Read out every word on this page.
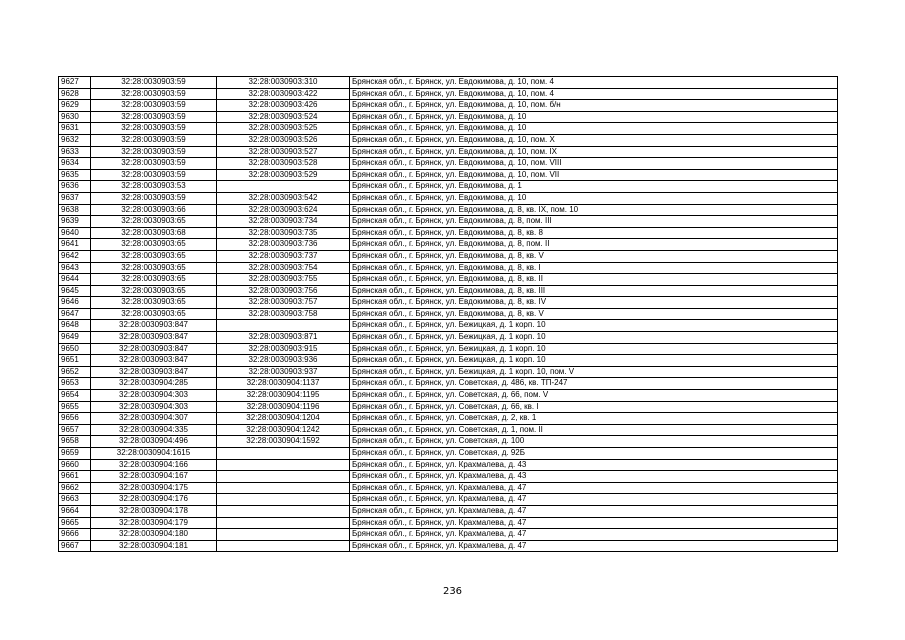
9627	32:28:0030903:59	32:28:0030903:310	Брянская обл., г. Брянск, ул. Евдокимова, д. 10, пом. 4
9628	32:28:0030903:59	32:28:0030903:422	Брянская обл., г. Брянск, ул. Евдокимова, д. 10, пом. 4
9629	32:28:0030903:59	32:28:0030903:426	Брянская обл., г. Брянск, ул. Евдокимова, д. 10, пом. б/н
9630	32:28:0030903:59	32:28:0030903:524	Брянская обл., г. Брянск, ул. Евдокимова, д. 10
9631	32:28:0030903:59	32:28:0030903:525	Брянская обл., г. Брянск, ул. Евдокимова, д. 10
9632	32:28:0030903:59	32:28:0030903:526	Брянская обл., г. Брянск, ул. Евдокимова, д. 10, пом. X
9633	32:28:0030903:59	32:28:0030903:527	Брянская обл., г. Брянск, ул. Евдокимова, д. 10, пом. IX
9634	32:28:0030903:59	32:28:0030903:528	Брянская обл., г. Брянск, ул. Евдокимова, д. 10, пом. VIII
9635	32:28:0030903:59	32:28:0030903:529	Брянская обл., г. Брянск, ул. Евдокимова, д. 10, пом. VII
9636	32:28:0030903:53		Брянская обл., г. Брянск, ул. Евдокимова, д. 1
9637	32:28:0030903:59	32:28:0030903:542	Брянская обл., г. Брянск, ул. Евдокимова, д. 10
9638	32:28:0030903:66	32:28:0030903:624	Брянская обл., г. Брянск, ул. Евдокимова, д. 8, кв. IX, пом. 10
9639	32:28:0030903:65	32:28:0030903:734	Брянская обл., г. Брянск, ул. Евдокимова, д. 8, пом. III
9640	32:28:0030903:68	32:28:0030903:735	Брянская обл., г. Брянск, ул. Евдокимова, д. 8, кв. 8
9641	32:28:0030903:65	32:28:0030903:736	Брянская обл., г. Брянск, ул. Евдокимова, д. 8, пом. II
9642	32:28:0030903:65	32:28:0030903:737	Брянская обл., г. Брянск, ул. Евдокимова, д. 8, кв. V
9643	32:28:0030903:65	32:28:0030903:754	Брянская обл., г. Брянск, ул. Евдокимова, д. 8, кв. I
9644	32:28:0030903:65	32:28:0030903:755	Брянская обл., г. Брянск, ул. Евдокимова, д. 8, кв. II
9645	32:28:0030903:65	32:28:0030903:756	Брянская обл., г. Брянск, ул. Евдокимова, д. 8, кв. III
9646	32:28:0030903:65	32:28:0030903:757	Брянская обл., г. Брянск, ул. Евдокимова, д. 8, кв. IV
9647	32:28:0030903:65	32:28:0030903:758	Брянская обл., г. Брянск, ул. Евдокимова, д. 8, кв. V
9648	32:28:0030903:847		Брянская обл., г. Брянск, ул. Бежицкая, д. 1 корп. 10
9649	32:28:0030903:847	32:28:0030903:871	Брянская обл., г. Брянск, ул. Бежицкая, д. 1 корп. 10
9650	32:28:0030903:847	32:28:0030903:915	Брянская обл., г. Брянск, ул. Бежицкая, д. 1 корп. 10
9651	32:28:0030903:847	32:28:0030903:936	Брянская обл., г. Брянск, ул. Бежицкая, д. 1 корп. 10
9652	32:28:0030903:847	32:28:0030903:937	Брянская обл., г. Брянск, ул. Бежицкая, д. 1 корп. 10, пом. V
9653	32:28:0030904:285	32:28:0030904:1137	Брянская обл., г. Брянск, ул. Советская, д. 486, кв. ТП-247
9654	32:28:0030904:303	32:28:0030904:1195	Брянская обл., г. Брянск, ул. Советская, д. 66, пом. V
9655	32:28:0030904:303	32:28:0030904:1196	Брянская обл., г. Брянск, ул. Советская, д. 66, кв. I
9656	32:28:0030904:307	32:28:0030904:1204	Брянская обл., г. Брянск, ул. Советская, д. 2, кв. 1
9657	32:28:0030904:335	32:28:0030904:1242	Брянская обл., г. Брянск, ул. Советская, д. 1, пом. II
9658	32:28:0030904:496	32:28:0030904:1592	Брянская обл., г. Брянск, ул. Советская, д. 100
9659	32:28:0030904:1615		Брянская обл., г. Брянск, ул. Советская, д. 92Б
9660	32:28:0030904:166		Брянская обл., г. Брянск, ул. Крахмалева, д. 43
9661	32:28:0030904:167		Брянская обл., г. Брянск, ул. Крахмалева, д. 43
9662	32:28:0030904:175		Брянская обл., г. Брянск, ул. Крахмалева, д. 47
9663	32:28:0030904:176		Брянская обл., г. Брянск, ул. Крахмалева, д. 47
9664	32:28:0030904:178		Брянская обл., г. Брянск, ул. Крахмалева, д. 47
9665	32:28:0030904:179		Брянская обл., г. Брянск, ул. Крахмалева, д. 47
9666	32:28:0030904:180		Брянская обл., г. Брянск, ул. Крахмалева, д. 47
9667	32:28:0030904:181		Брянская обл., г. Брянск, ул. Крахмалева, д. 47
236
